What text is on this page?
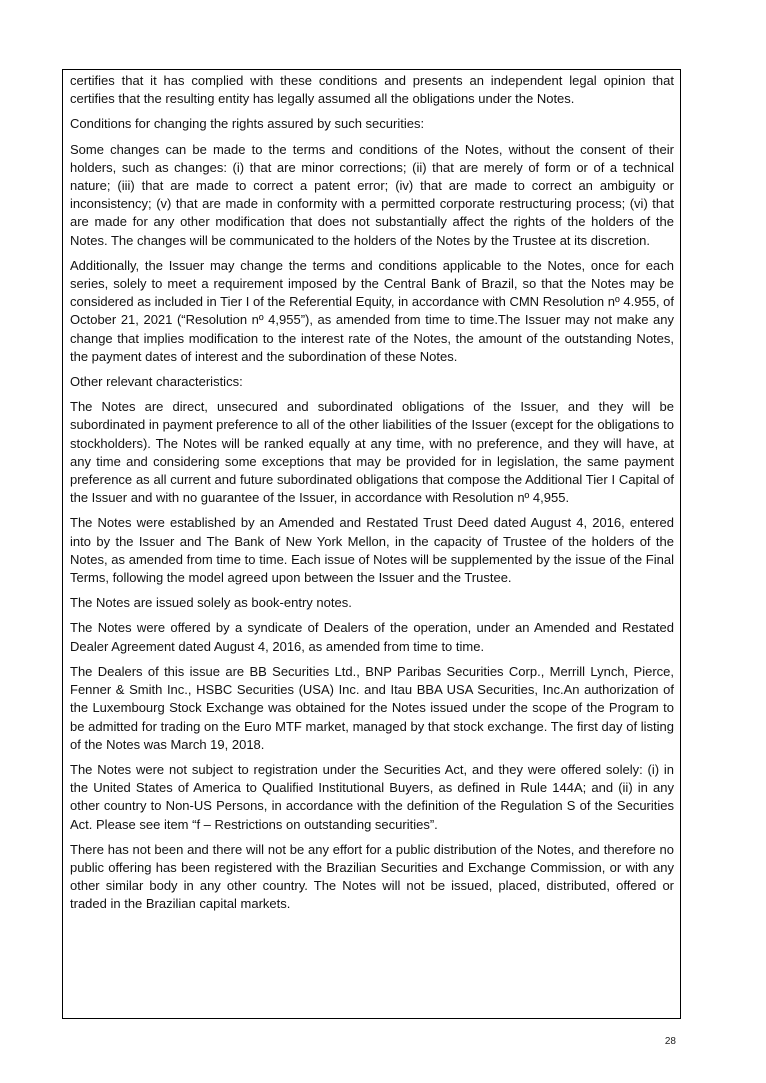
certifies that it has complied with these conditions and presents an independent legal opinion that certifies that the resulting entity has legally assumed all the obligations under the Notes.

Conditions for changing the rights assured by such securities:

Some changes can be made to the terms and conditions of the Notes, without the consent of their holders, such as changes: (i) that are minor corrections; (ii) that are merely of form or of a technical nature; (iii) that are made to correct a patent error; (iv) that are made to correct an ambiguity or inconsistency; (v) that are made in conformity with a permitted corporate restructuring process; (vi) that are made for any other modification that does not substantially affect the rights of the holders of the Notes. The changes will be communicated to the holders of the Notes by the Trustee at its discretion.

Additionally, the Issuer may change the terms and conditions applicable to the Notes, once for each series, solely to meet a requirement imposed by the Central Bank of Brazil, so that the Notes may be considered as included in Tier I of the Referential Equity, in accordance with CMN Resolution nº 4.955, of October 21, 2021 (“Resolution nº 4,955”), as amended from time to time.The Issuer may not make any change that implies modification to the interest rate of the Notes, the amount of the outstanding Notes, the payment dates of interest and the subordination of these Notes.

Other relevant characteristics:

The Notes are direct, unsecured and subordinated obligations of the Issuer, and they will be subordinated in payment preference to all of the other liabilities of the Issuer (except for the obligations to stockholders). The Notes will be ranked equally at any time, with no preference, and they will have, at any time and considering some exceptions that may be provided for in legislation, the same payment preference as all current and future subordinated obligations that compose the Additional Tier I Capital of the Issuer and with no guarantee of the Issuer, in accordance with Resolution nº 4,955.

The Notes were established by an Amended and Restated Trust Deed dated August 4, 2016, entered into by the Issuer and The Bank of New York Mellon, in the capacity of Trustee of the holders of the Notes, as amended from time to time. Each issue of Notes will be supplemented by the issue of the Final Terms, following the model agreed upon between the Issuer and the Trustee.

The Notes are issued solely as book-entry notes.

The Notes were offered by a syndicate of Dealers of the operation, under an Amended and Restated Dealer Agreement dated August 4, 2016, as amended from time to time.

The Dealers of this issue are BB Securities Ltd., BNP Paribas Securities Corp., Merrill Lynch, Pierce, Fenner & Smith Inc., HSBC Securities (USA) Inc. and Itau BBA USA Securities, Inc.An authorization of the Luxembourg Stock Exchange was obtained for the Notes issued under the scope of the Program to be admitted for trading on the Euro MTF market, managed by that stock exchange. The first day of listing of the Notes was March 19, 2018.

The Notes were not subject to registration under the Securities Act, and they were offered solely: (i) in the United States of America to Qualified Institutional Buyers, as defined in Rule 144A; and (ii) in any other country to Non-US Persons, in accordance with the definition of the Regulation S of the Securities Act. Please see item “f – Restrictions on outstanding securities”.

There has not been and there will not be any effort for a public distribution of the Notes, and therefore no public offering has been registered with the Brazilian Securities and Exchange Commission, or with any other similar body in any other country. The Notes will not be issued, placed, distributed, offered or traded in the Brazilian capital markets.

28
